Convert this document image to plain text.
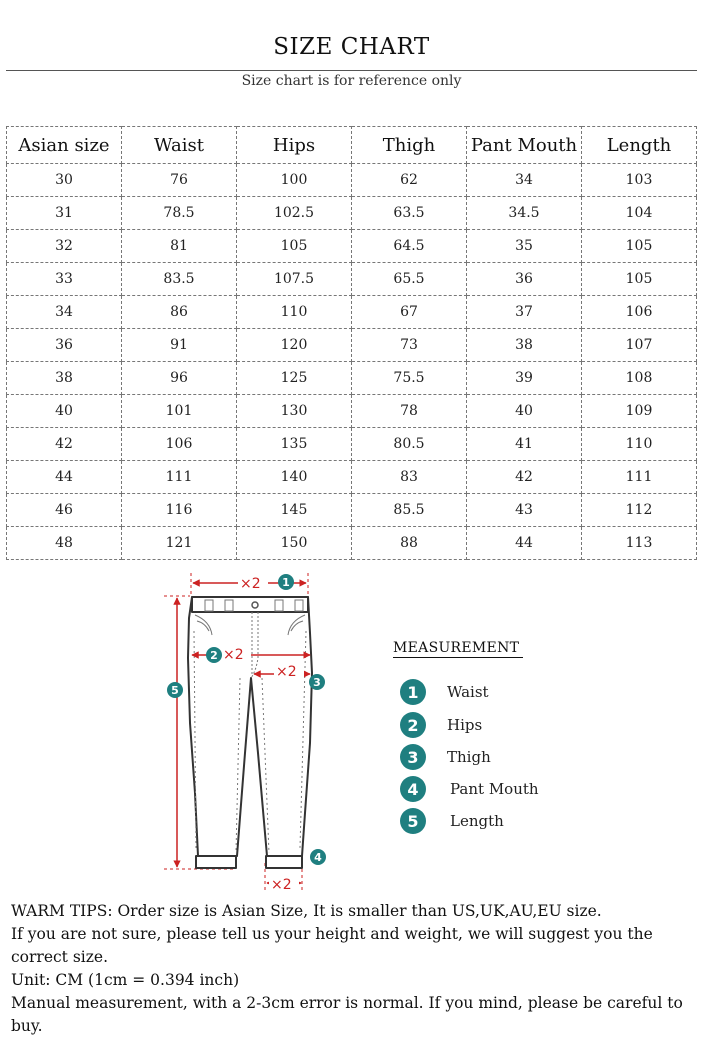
SIZE CHART
Size chart is for reference only
Asian size	Waist	Hips	Thigh	Pant Mouth	Length
30	76	100	62	34	103
31	78.5	102.5	63.5	34.5	104
32	81	105	64.5	35	105
33	83.5	107.5	65.5	36	105
34	86	110	67	37	106
36	91	120	73	38	107
38	96	125	75.5	39	108
40	101	130	78	40	109
42	106	135	80.5	41	110
44	111	140	83	42	111
46	116	145	85.5	43	112
48	121	150	88	44	113
×2
×2
×2
×2
1
2
3
4
5
MEASUREMENT
1	Waist
2	Hips
3	Thigh
4	Pant Mouth
5	Length

WARM TIPS: Order size is Asian Size, It is smaller than US,UK,AU,EU size.

If you are not sure, please tell us your height and weight, we will suggest you the correct size.

Unit: CM (1cm = 0.394 inch)

Manual measurement, with a 2-3cm error is normal. If you mind, please be careful to buy.
